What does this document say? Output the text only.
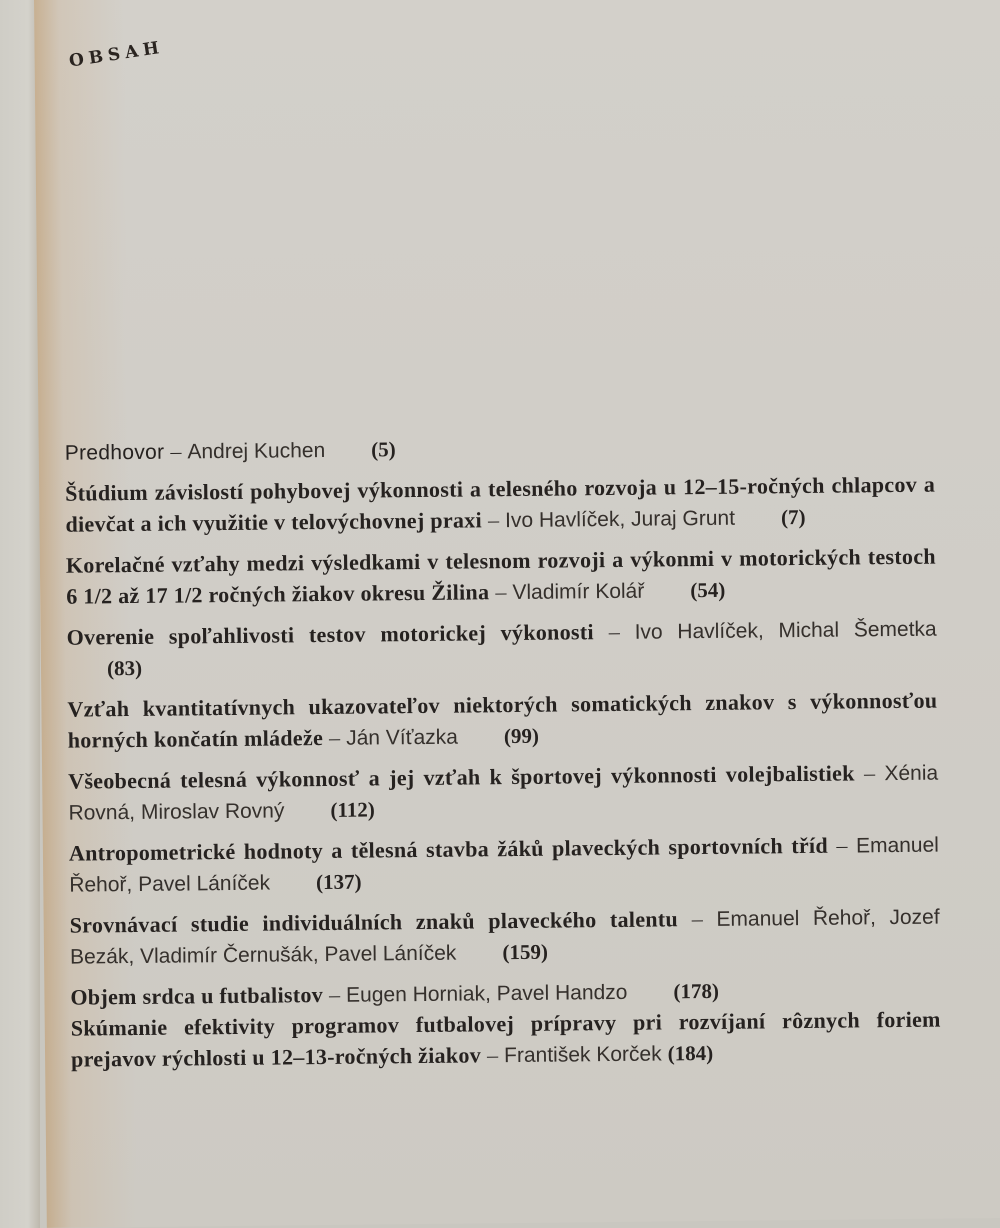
OBSAH
Predhovor – Andrej Kuchen (5)
Štúdium závislostí pohybovej výkonnosti a telesného rozvoja u 12–15-ročných chlapcov a dievčat a ich využitie v telovýchovnej praxi – Ivo Havlíček, Juraj Grunt (7)
Korelačné vzťahy medzi výsledkami v telesnom rozvoji a výkonmi v motorických testoch 6 1/2 až 17 1/2 ročných žiakov okresu Žilina – Vladimír Kolář (54)
Overenie spoľahlivosti testov motorickej výkonosti – Ivo Havlíček, Michal Šemetka (83)
Vzťah kvantitatívnych ukazovateľov niektorých somatických znakov s výkonnosťou horných končatín mládeže – Ján Víťazka (99)
Všeobecná telesná výkonnosť a jej vzťah k športovej výkonnosti volejbalistiek – Xénia Rovná, Miroslav Rovný (112)
Antropometrické hodnoty a tělesná stavba žáků plaveckých sportovních tříd – Emanuel Řehoř, Pavel Láníček (137)
Srovnávací studie individuálních znaků plaveckého talentu – Emanuel Řehoř, Jozef Bezák, Vladimír Černušák, Pavel Láníček (159)
Objem srdca u futbalistov – Eugen Horniak, Pavel Handzo (178)
Skúmanie efektivity programov futbalovej prípravy pri rozvíjaní rôznych foriem prejavov rýchlosti u 12–13-ročných žiakov – František Korček (184)
